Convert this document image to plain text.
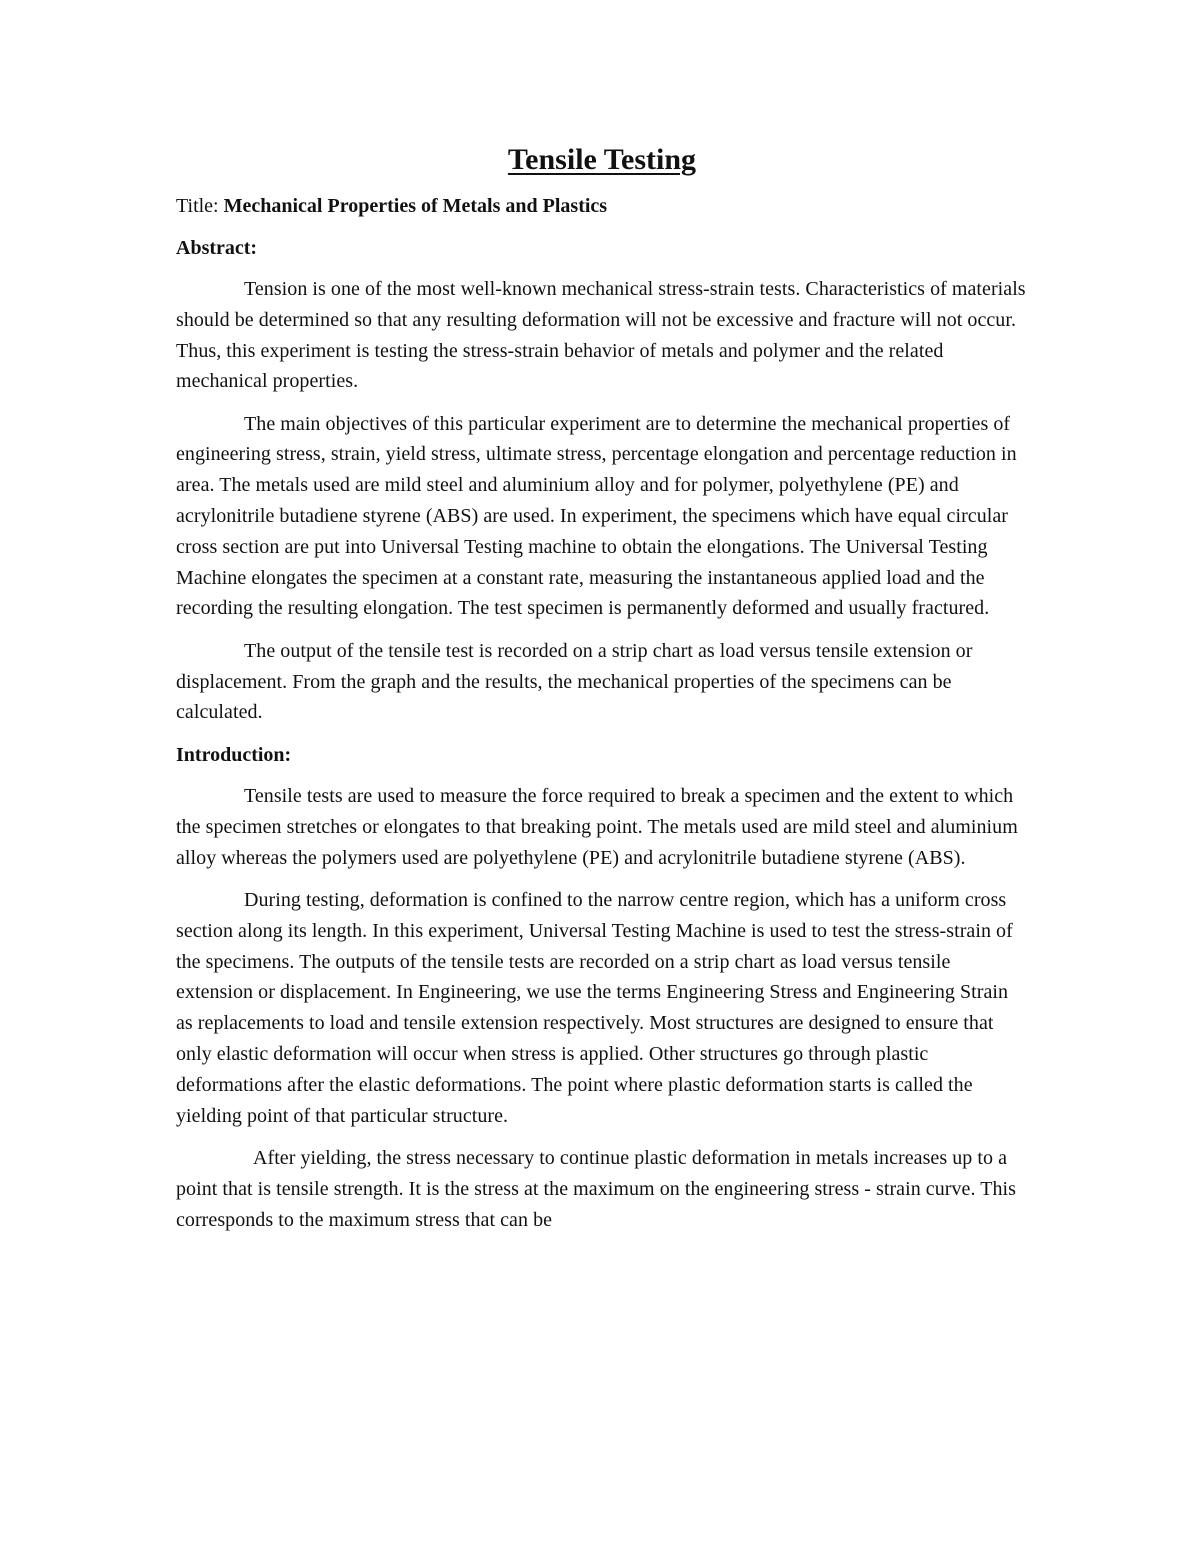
Tensile Testing

Title: Mechanical Properties of Metals and Plastics

Abstract:

Tension is one of the most well-known mechanical stress-strain tests. Characteristics of materials should be determined so that any resulting deformation will not be excessive and fracture will not occur. Thus, this experiment is testing the stress-strain behavior of metals and polymer and the related mechanical properties.

The main objectives of this particular experiment are to determine the mechanical properties of engineering stress, strain, yield stress, ultimate stress, percentage elongation and percentage reduction in area. The metals used are mild steel and aluminium alloy and for polymer, polyethylene (PE) and acrylonitrile butadiene styrene (ABS) are used. In experiment, the specimens which have equal circular cross section are put into Universal Testing machine to obtain the elongations. The Universal Testing Machine elongates the specimen at a constant rate, measuring the instantaneous applied load and the recording the resulting elongation. The test specimen is permanently deformed and usually fractured.

The output of the tensile test is recorded on a strip chart as load versus tensile extension or displacement. From the graph and the results, the mechanical properties of the specimens can be calculated.

Introduction:

Tensile tests are used to measure the force required to break a specimen and the extent to which the specimen stretches or elongates to that breaking point. The metals used are mild steel and aluminium alloy whereas the polymers used are polyethylene (PE) and acrylonitrile butadiene styrene (ABS).

During testing, deformation is confined to the narrow centre region, which has a uniform cross section along its length. In this experiment, Universal Testing Machine is used to test the stress-strain of the specimens. The outputs of the tensile tests are recorded on a strip chart as load versus tensile extension or displacement. In Engineering, we use the terms Engineering Stress and Engineering Strain as replacements to load and tensile extension respectively. Most structures are designed to ensure that only elastic deformation will occur when stress is applied. Other structures go through plastic deformations after the elastic deformations. The point where plastic deformation starts is called the yielding point of that particular structure.

After yielding, the stress necessary to continue plastic deformation in metals increases up to a point that is tensile strength. It is the stress at the maximum on the engineering stress - strain curve. This corresponds to the maximum stress that can be
